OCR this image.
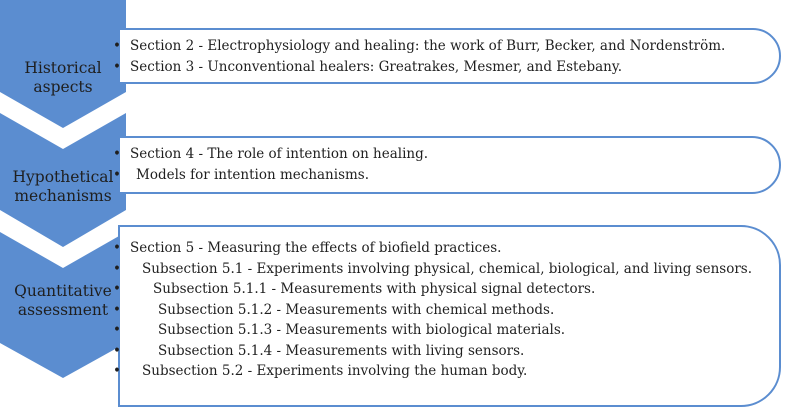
Historical
aspects
Hypothetical
mechanisms
Quantitative
assessment
• Section 2 - Electrophysiology and healing: the work of Burr, Becker, and Nordenström.
• Section 3 - Unconventional healers: Greatrakes, Mesmer, and Estebany.
• Section 4 - The role of intention on healing.
• Models for intention mechanisms.
• Section 5 - Measuring the effects of biofield practices.
• Subsection 5.1 - Experiments involving physical, chemical, biological, and living sensors.
• Subsection 5.1.1 - Measurements with physical signal detectors.
• Subsection 5.1.2 - Measurements with chemical methods.
• Subsection 5.1.3 - Measurements with biological materials.
• Subsection 5.1.4 - Measurements with living sensors.
• Subsection 5.2 - Experiments involving the human body.
